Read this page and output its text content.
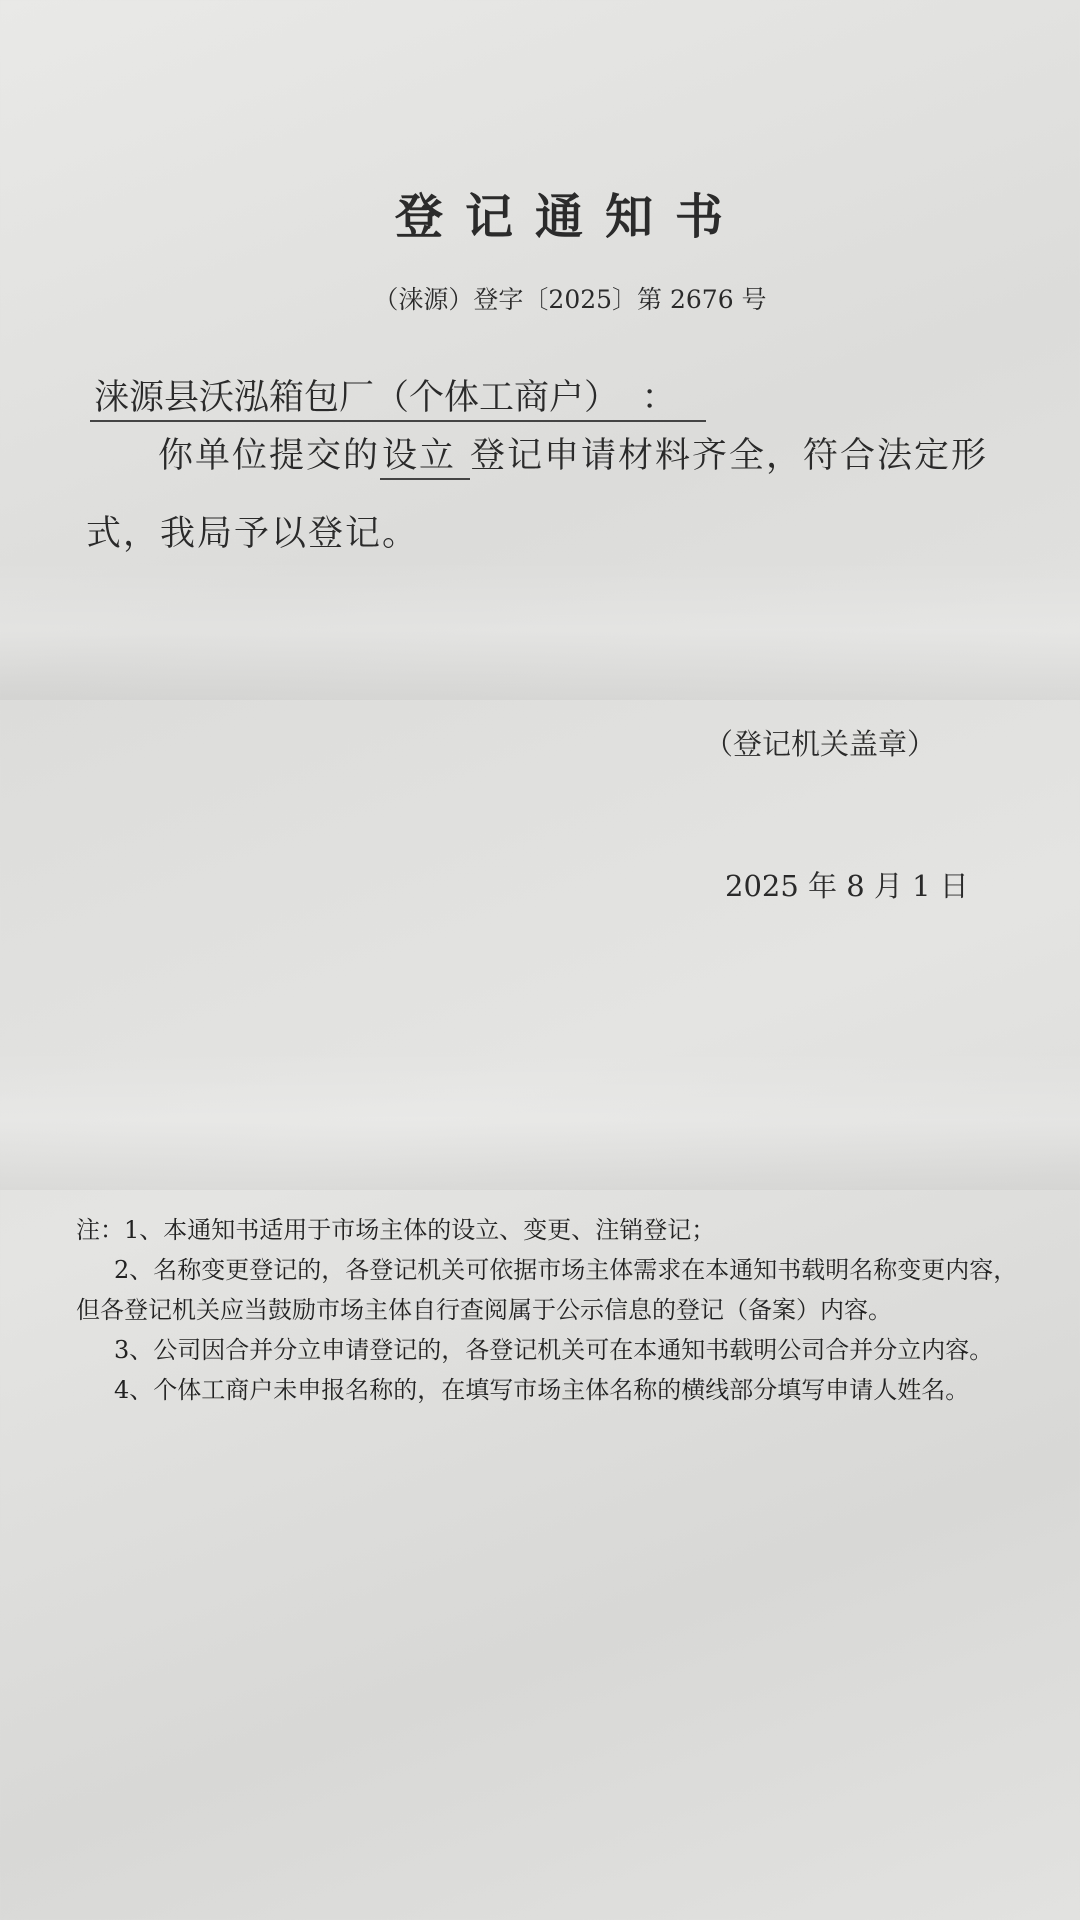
登记通知书
（涞源）登字〔2025〕第 2676 号
涞源县沃泓箱包厂（个体工商户） ：
你单位提交的设立 登记申请材料齐全，符合法定形
式，我局予以登记。
（登记机关盖章）
2025 年 8 月 1 日
注：1、本通知书适用于市场主体的设立、变更、注销登记；
2、名称变更登记的，各登记机关可依据市场主体需求在本通知书载明名称变更内容，
但各登记机关应当鼓励市场主体自行查阅属于公示信息的登记（备案）内容。
3、公司因合并分立申请登记的，各登记机关可在本通知书载明公司合并分立内容。
4、个体工商户未申报名称的，在填写市场主体名称的横线部分填写申请人姓名。
